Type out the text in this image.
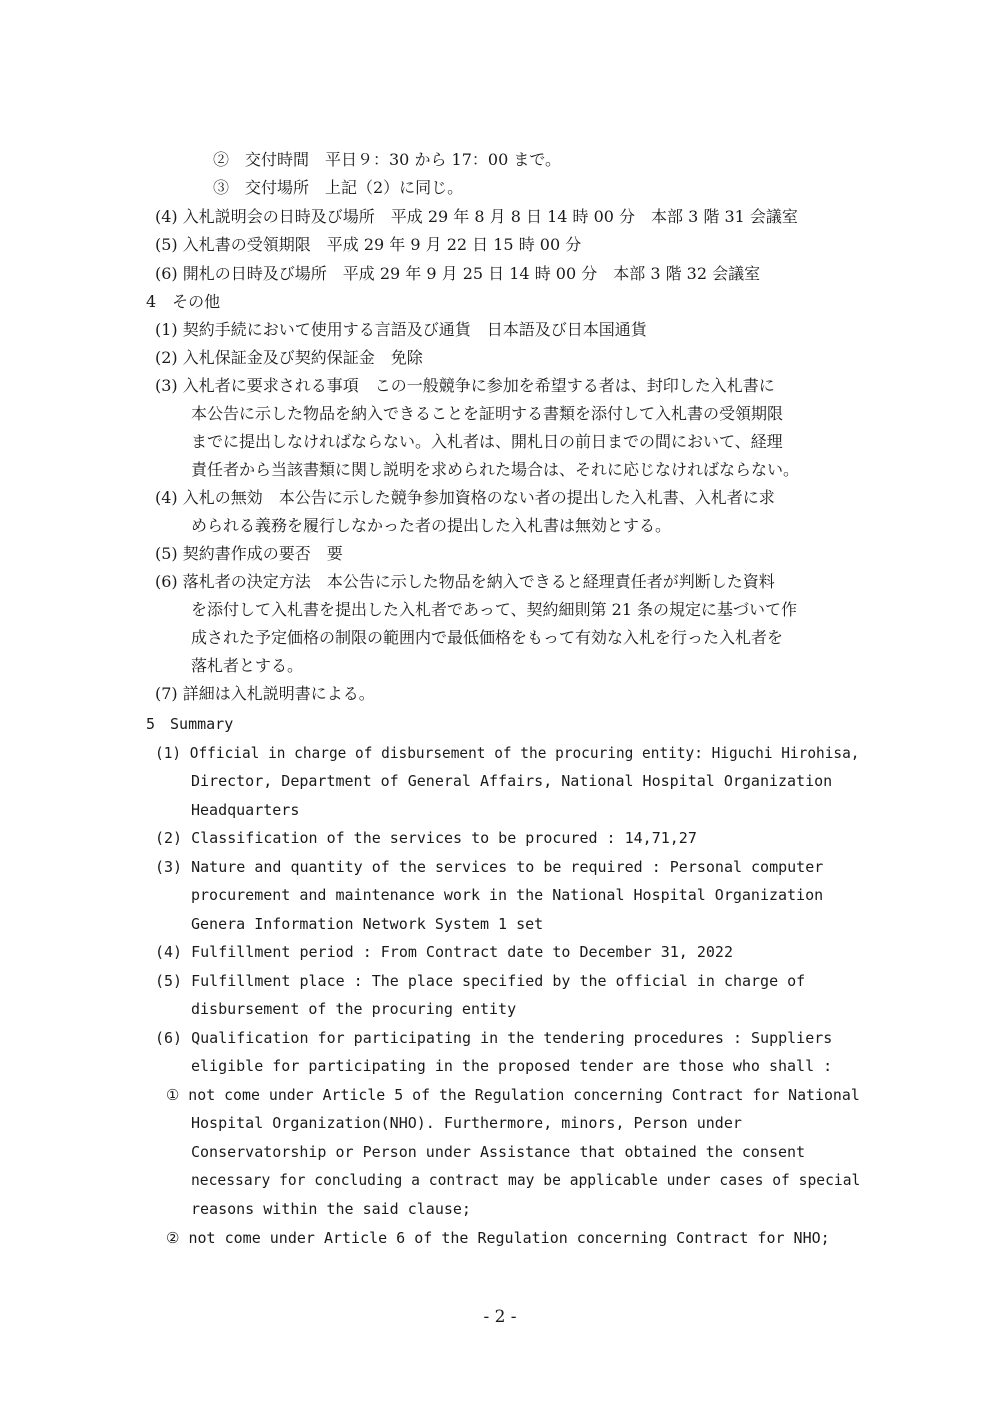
②　交付時間　平日９：30 から 17：00 まで。
③　交付場所　上記（2）に同じ。
(4) 入札説明会の日時及び場所　平成 29 年 8 月 8 日 14 時 00 分　本部 3 階 31 会議室
(5) 入札書の受領期限　平成 29 年 9 月 22 日 15 時 00 分
(6) 開札の日時及び場所　平成 29 年 9 月 25 日 14 時 00 分　本部 3 階 32 会議室
4　その他
(1) 契約手続において使用する言語及び通貨　日本語及び日本国通貨
(2) 入札保証金及び契約保証金　免除
(3) 入札者に要求される事項　この一般競争に参加を希望する者は、封印した入札書に
本公告に示した物品を納入できることを証明する書類を添付して入札書の受領期限
までに提出しなければならない。入札者は、開札日の前日までの間において、経理
責任者から当該書類に関し説明を求められた場合は、それに応じなければならない。
(4) 入札の無効　本公告に示した競争参加資格のない者の提出した入札書、入札者に求
められる義務を履行しなかった者の提出した入札書は無効とする。
(5) 契約書作成の要否　要
(6) 落札者の決定方法　本公告に示した物品を納入できると経理責任者が判断した資料
を添付して入札書を提出した入札者であって、契約細則第 21 条の規定に基づいて作
成された予定価格の制限の範囲内で最低価格をもって有効な入札を行った入札者を
落札者とする。
(7) 詳細は入札説明書による。
5　Summary
(1) Official in charge of disbursement of the procuring entity: Higuchi Hirohisa,
Director, Department of General Affairs, National Hospital Organization
Headquarters
(2) Classification of the services to be procured : 14,71,27
(3) Nature and quantity of the services to be required : Personal computer
procurement and maintenance work in the National Hospital Organization
Genera Information Network System 1 set
(4) Fulfillment period : From Contract date to December 31, 2022
(5) Fulfillment place : The place specified by the official in charge of
disbursement of the procuring entity
(6) Qualification for participating in the tendering procedures : Suppliers
eligible for participating in the proposed tender are those who shall :
① not come under Article 5 of the Regulation concerning Contract for National
Hospital Organization(NHO). Furthermore, minors, Person under
Conservatorship or Person under Assistance that obtained the consent
necessary for concluding a contract may be applicable under cases of special
reasons within the said clause;
② not come under Article 6 of the Regulation concerning Contract for NHO;
- 2 -
